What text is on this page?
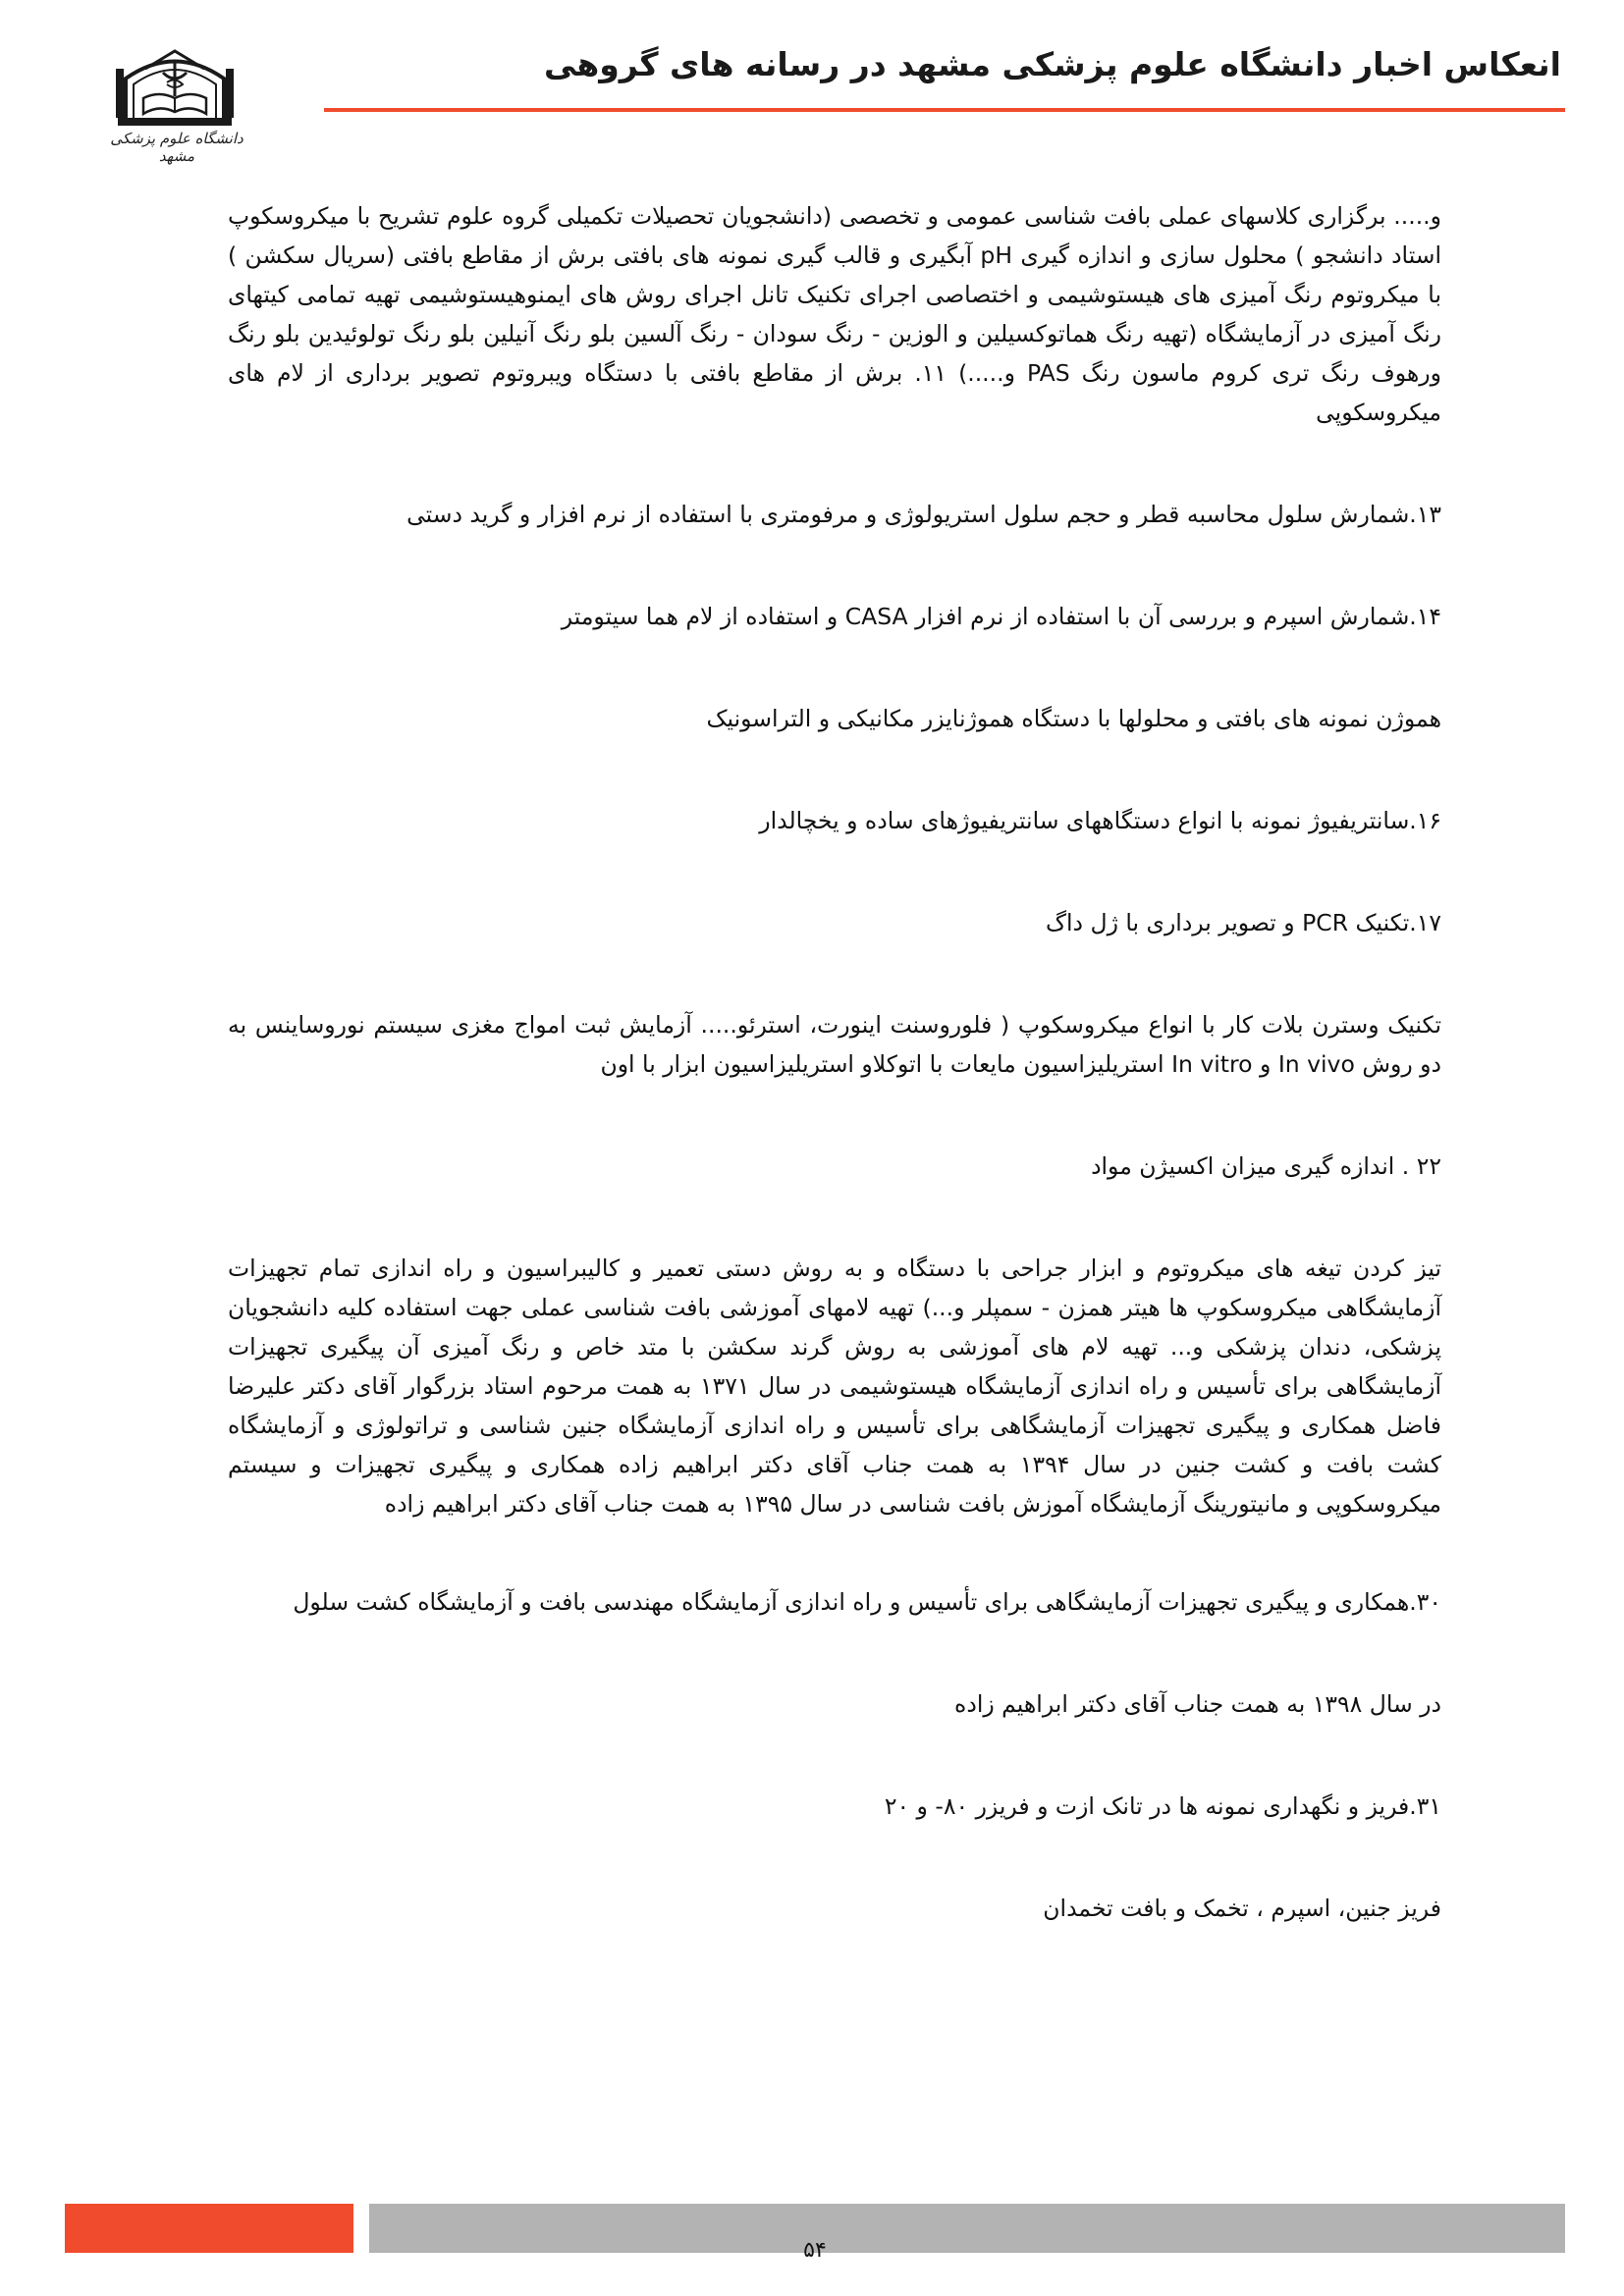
دانشگاه علوم پزشکی مشهد
انعکاس اخبار دانشگاه علوم پزشکی مشهد در رسانه های گروهی

و..... برگزاری کلاسهای عملی بافت شناسی عمومی و تخصصی (دانشجویان تحصیلات تکمیلی گروه علوم تشریح با میکروسکوپ استاد دانشجو ) محلول سازی و اندازه گیری pH آبگیری و قالب گیری نمونه های بافتی برش از مقاطع بافتی (سریال سکشن ) با میکروتوم رنگ آمیزی های هیستوشیمی و اختصاصی اجرای تکنیک تانل اجرای روش های ایمنوهیستوشیمی تهیه تمامی کیتهای رنگ آمیزی در آزمایشگاه (تهیه رنگ هماتوکسیلین و الوزین - رنگ سودان - رنگ آلسین بلو رنگ آنیلین بلو رنگ تولوئیدین بلو رنگ ورهوف رنگ تری کروم ماسون رنگ PAS و.....) ۱۱. برش از مقاطع بافتی با دستگاه ویبروتوم تصویر برداری از لام های میکروسکوپی

۱۳.شمارش سلول محاسبه قطر و حجم سلول استریولوژی و مرفومتری با استفاده از نرم افزار و گرید دستی

۱۴.شمارش اسپرم و بررسی آن با استفاده از نرم افزار CASA و استفاده از لام هما سیتومتر

هموژن نمونه های بافتی و محلولها با دستگاه هموژنایزر مکانیکی و التراسونیک

۱۶.سانتریفیوژ نمونه با انواع دستگاههای سانتریفیوژهای ساده و یخچالدار

۱۷.تکنیک PCR و تصویر برداری با ژل داگ

تکنیک وسترن بلات کار با انواع میکروسکوپ ( فلوروسنت اینورت، استرئو..... آزمایش ثبت امواج مغزی سیستم نوروساینس به دو روش In vivo و In vitro استریلیزاسیون مایعات با اتوکلاو استریلیزاسیون ابزار با اون

۲۲ . اندازه گیری میزان اکسیژن مواد

تیز کردن تیغه های میکروتوم و ابزار جراحی با دستگاه و به روش دستی تعمیر و کالیبراسیون و راه اندازی تمام تجهیزات آزمایشگاهی میکروسکوپ ها هیتر همزن - سمپلر و...) تهیه لامهای آموزشی بافت شناسی عملی جهت استفاده کلیه دانشجویان پزشکی، دندان پزشکی و... تهیه لام های آموزشی به روش گرند سکشن با متد خاص و رنگ آمیزی آن پیگیری تجهیزات آزمایشگاهی برای تأسیس و راه اندازی آزمایشگاه هیستوشیمی در سال ۱۳۷۱ به همت مرحوم استاد بزرگوار آقای دکتر علیرضا فاضل همکاری و پیگیری تجهیزات آزمایشگاهی برای تأسیس و راه اندازی آزمایشگاه جنین شناسی و تراتولوژی و آزمایشگاه کشت بافت و کشت جنین در سال ۱۳۹۴ به همت جناب آقای دکتر ابراهیم زاده همکاری و پیگیری تجهیزات و سیستم میکروسکوپی و مانیتورینگ آزمایشگاه آموزش بافت شناسی در سال ۱۳۹۵ به همت جناب آقای دکتر ابراهیم زاده

۳۰.همکاری و پیگیری تجهیزات آزمایشگاهی برای تأسیس و راه اندازی آزمایشگاه مهندسی بافت و آزمایشگاه کشت سلول

در سال ۱۳۹۸ به همت جناب آقای دکتر ابراهیم زاده

۳۱.فریز و نگهداری نمونه ها در تانک ازت و فریزر ۸۰- و ۲۰

فریز جنین، اسپرم ، تخمک و بافت تخمدان

۵۴
